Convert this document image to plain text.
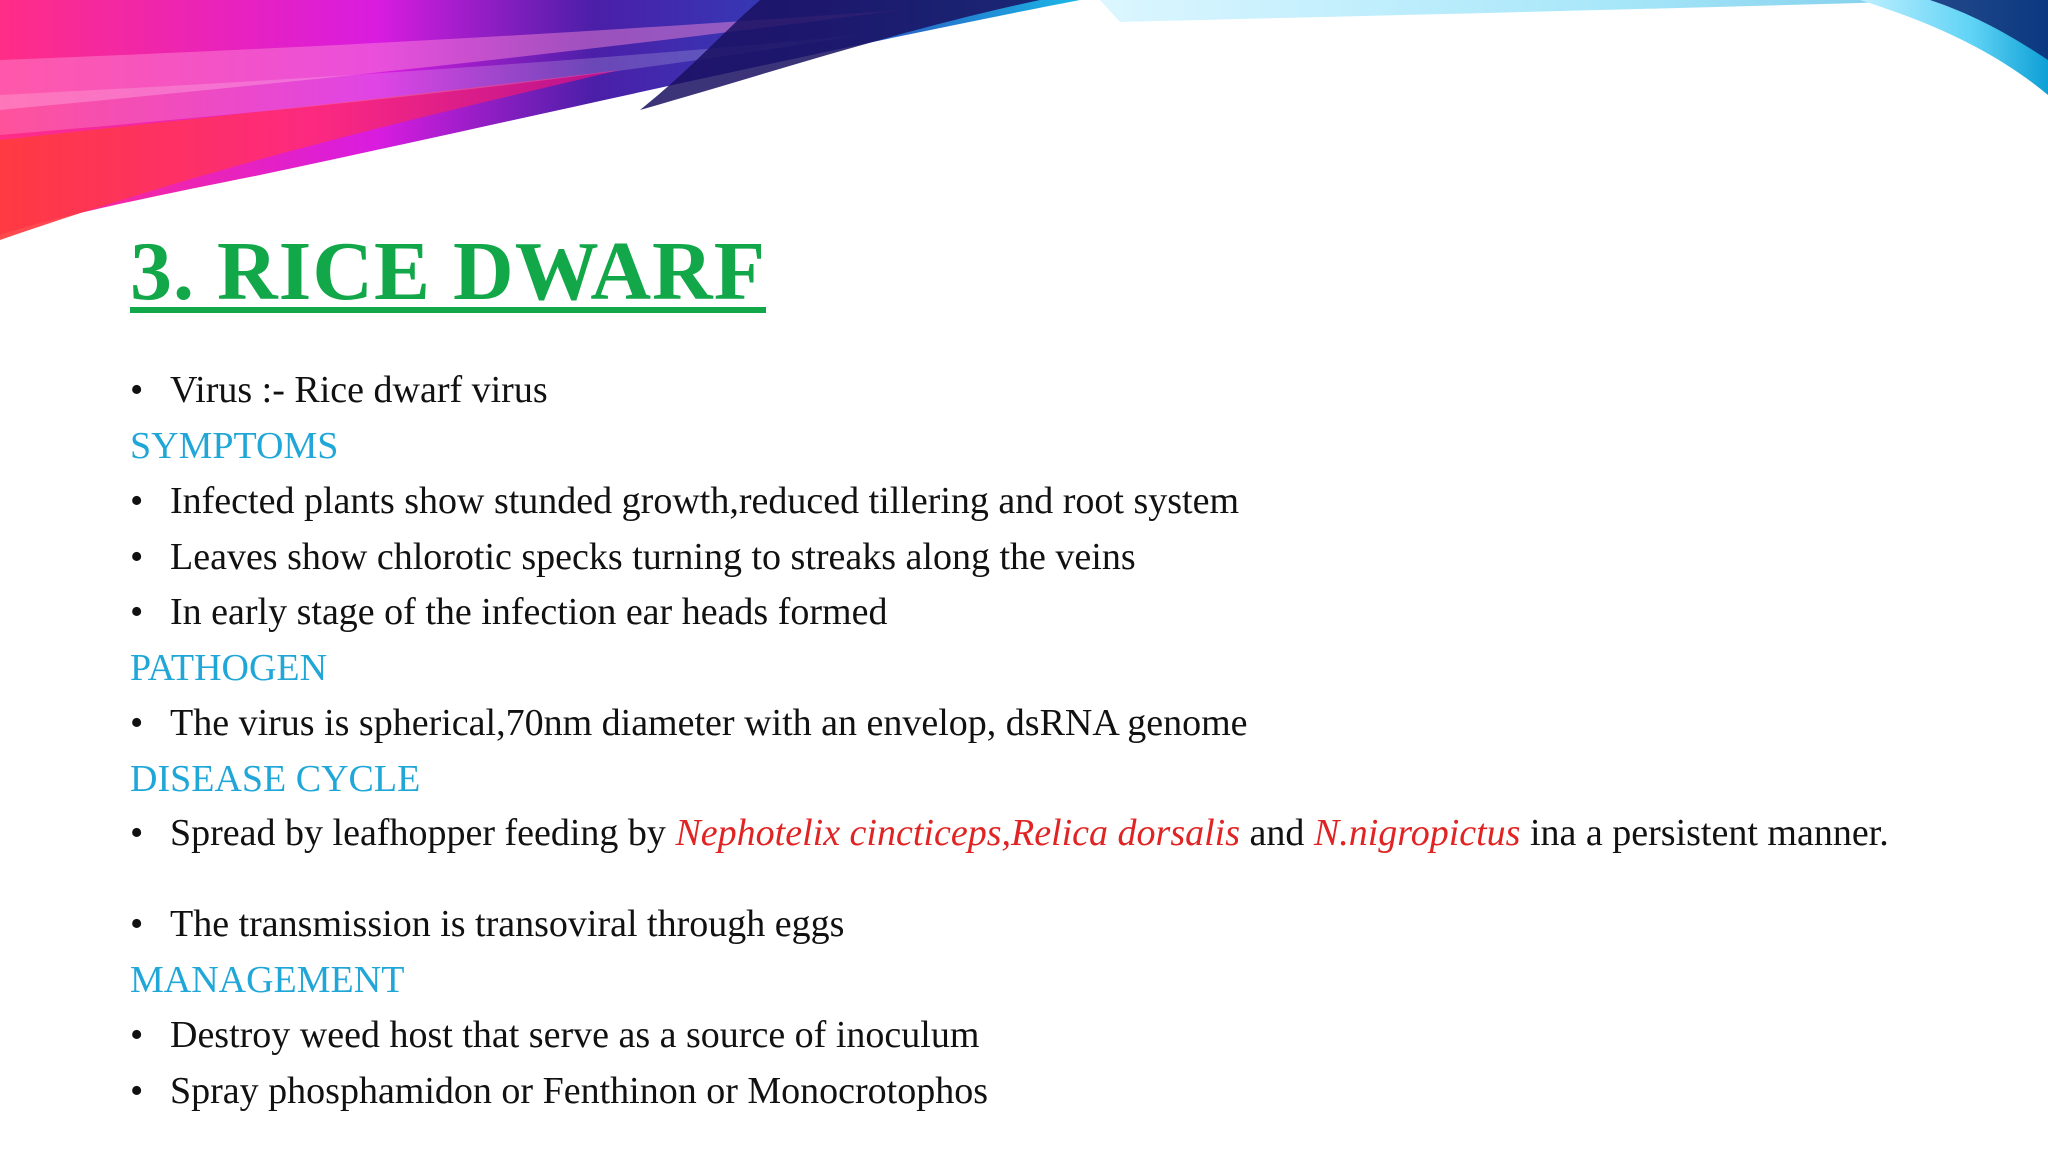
3. RICE DWARF
• Virus :- Rice dwarf virus
SYMPTOMS
• Infected plants show stunded growth,reduced tillering and root system
• Leaves show chlorotic specks turning to streaks along the veins
• In early stage of the infection ear heads formed
PATHOGEN
• The virus is spherical,70nm diameter with an envelop, dsRNA genome
DISEASE CYCLE
• Spread by leafhopper feeding by Nephotelix cincticeps,Relica dorsalis and N.nigropictus ina a persistent manner.
• The transmission is transoviral through eggs
MANAGEMENT
• Destroy weed host that serve as a source of inoculum
• Spray phosphamidon or Fenthinon or Monocrotophos
